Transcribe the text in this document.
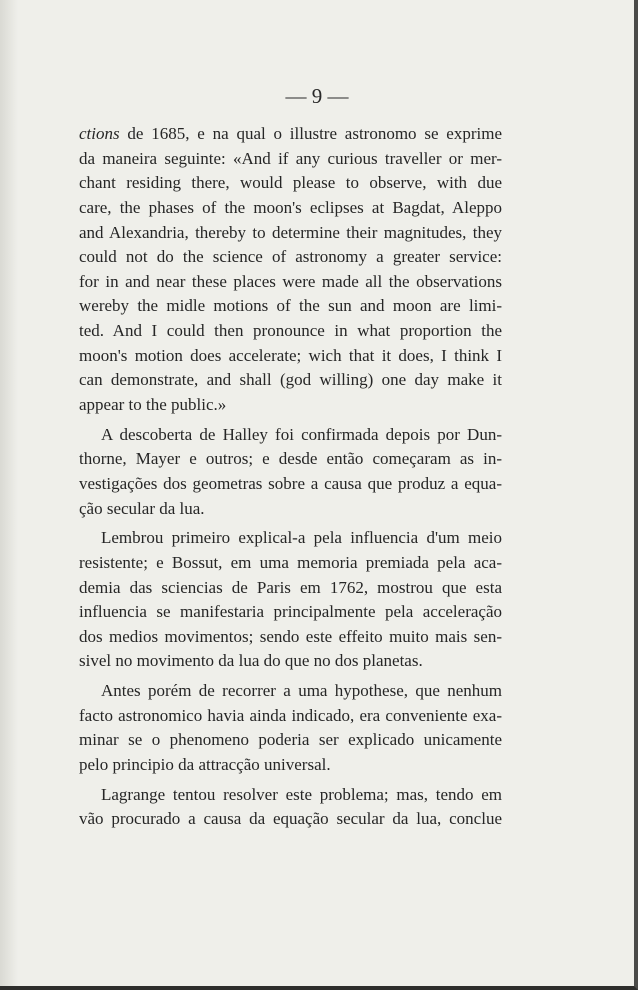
— 9 —
ctions de 1685, e na qual o illustre astronomo se exprime
da maneira seguinte: «And if any curious traveller or mer-
chant residing there, would please to observe, with due
care, the phases of the moon's eclipses at Bagdat, Aleppo
and Alexandria, thereby to determine their magnitudes, they
could not do the science of astronomy a greater service:
for in and near these places were made all the observations
wereby the midle motions of the sun and moon are limi-
ted. And I could then pronounce in what proportion the
moon's motion does accelerate; wich that it does, I think I
can demonstrate, and shall (god willing) one day make it
appear to the public.»
A descoberta de Halley foi confirmada depois por Dun-
thorne, Mayer e outros; e desde então começaram as in-
vestigações dos geometras sobre a causa que produz a equa-
ção secular da lua.
Lembrou primeiro explical-a pela influencia d'um meio
resistente; e Bossut, em uma memoria premiada pela aca-
demia das sciencias de Paris em 1762, mostrou que esta
influencia se manifestaria principalmente pela acceleração
dos medios movimentos; sendo este effeito muito mais sen-
sivel no movimento da lua do que no dos planetas.
Antes porém de recorrer a uma hypothese, que nenhum
facto astronomico havia ainda indicado, era conveniente exa-
minar se o phenomeno poderia ser explicado unicamente
pelo principio da attracção universal.
Lagrange tentou resolver este problema; mas, tendo em
vão procurado a causa da equação secular da lua, conclue
